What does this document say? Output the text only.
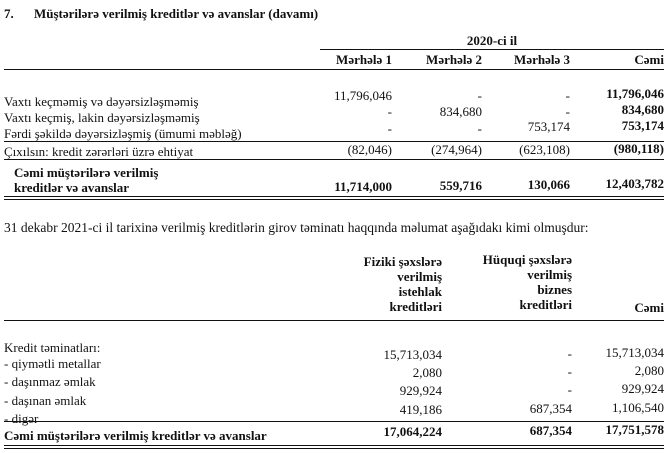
7. Müştərilərə verilmiş kreditlər və avanslar (davamı)
2020-ci il
Mərhələ 1	Mərhələ 2	Mərhələ 3	Cəmi
Vaxtı keçməmiş və dəyərsizləşməmiş	11,796,046	-	-	11,796,046
Vaxtı keçmiş, lakin dəyərsizləşməmiş	-	834,680	-	834,680
Fərdi şəkildə dəyərsizləşmiş (ümumi məbləğ)	-	-	753,174	753,174
Çıxılsın: kredit zərərləri üzrə ehtiyat	(82,046)	(274,964)	(623,108)	(980,118)
Cəmi müştərilərə verilmiş
kreditlər və avanslar	11,714,000	559,716	130,066	12,403,782
31 dekabr 2021-ci il tarixinə verilmiş kreditlərin girov təminatı haqqında məlumat aşağıdakı kimi olmuşdur:
Fiziki şəxslərə
verilmiş
istehlak
kreditləri
Hüquqi şəxslərə
verilmiş
biznes
kreditləri	Cəmi
Kredit təminatları:
- qiymətli metallar
15,713,034	-	15,713,034
- daşınmaz əmlak
2,080	-	2,080
- daşınan əmlak
929,924	-	929,924
- digər
419,186	687,354	1,106,540
Cəmi müştərilərə verilmiş kreditlər və avanslar	17,064,224	687,354	17,751,578
